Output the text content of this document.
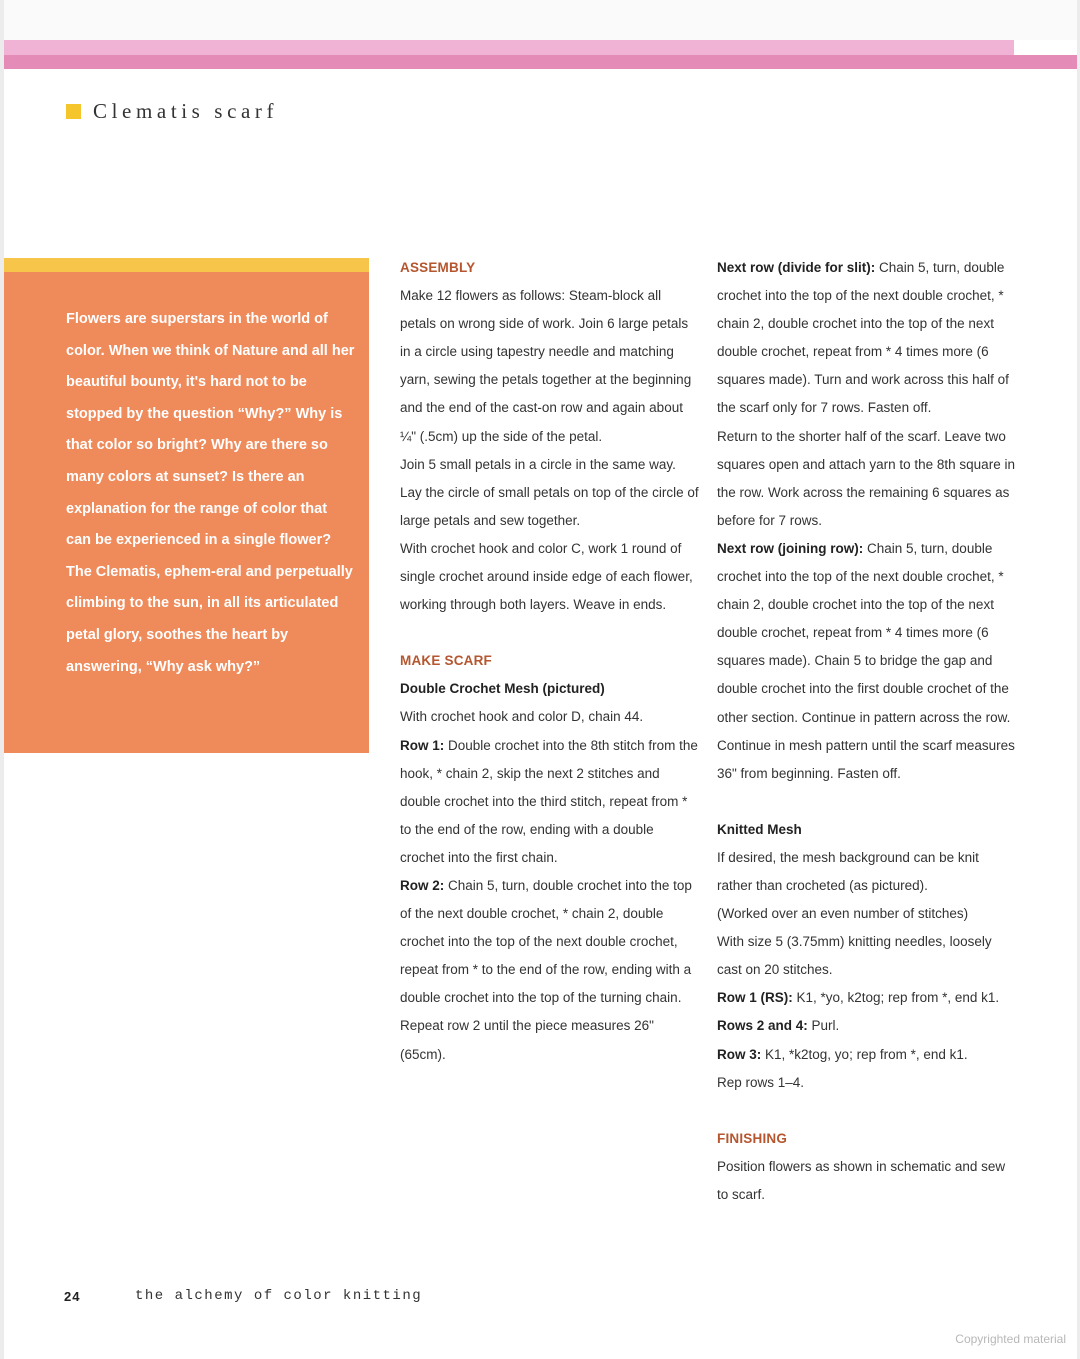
Clematis scarf
Flowers are superstars in the world of color. When we think of Nature and all her beautiful bounty, it's hard not to be stopped by the question “Why?” Why is that color so bright? Why are there so many colors at sunset? Is there an explanation for the range of color that can be experienced in a single flower? The Clematis, ephem-eral and perpetually climbing to the sun, in all its articulated petal glory, soothes the heart by answering, “Why ask why?”

ASSEMBLY

Make 12 flowers as follows: Steam-block all petals on wrong side of work. Join 6 large petals in a circle using tapestry needle and matching yarn, sewing the petals together at the beginning and the end of the cast-on row and again about ¼" (.5cm) up the side of the petal.

Join 5 small petals in a circle in the same way.

Lay the circle of small petals on top of the circle of large petals and sew together.

With crochet hook and color C, work 1 round of single crochet around inside edge of each flower, working through both layers. Weave in ends.

MAKE SCARF

Double Crochet Mesh (pictured)

With crochet hook and color D, chain 44.

Row 1: Double crochet into the 8th stitch from the hook, * chain 2, skip the next 2 stitches and double crochet into the third stitch, repeat from * to the end of the row, ending with a double crochet into the first chain.

Row 2: Chain 5, turn, double crochet into the top of the next double crochet, * chain 2, double crochet into the top of the next double crochet, repeat from * to the end of the row, ending with a double crochet into the top of the turning chain.

Repeat row 2 until the piece measures 26" (65cm).

Next row (divide for slit): Chain 5, turn, double crochet into the top of the next double crochet, * chain 2, double crochet into the top of the next double crochet, repeat from * 4 times more (6 squares made). Turn and work across this half of the scarf only for 7 rows. Fasten off.

Return to the shorter half of the scarf. Leave two squares open and attach yarn to the 8th square in the row. Work across the remaining 6 squares as before for 7 rows.

Next row (joining row): Chain 5, turn, double crochet into the top of the next double crochet, * chain 2, double crochet into the top of the next double crochet, repeat from * 4 times more (6 squares made). Chain 5 to bridge the gap and double crochet into the first double crochet of the other section. Continue in pattern across the row.

Continue in mesh pattern until the scarf measures 36" from beginning. Fasten off.

Knitted Mesh

If desired, the mesh background can be knit rather than crocheted (as pictured).

(Worked over an even number of stitches)

With size 5 (3.75mm) knitting needles, loosely cast on 20 stitches.

Row 1 (RS): K1, *yo, k2tog; rep from *, end k1.

Rows 2 and 4: Purl.

Row 3: K1, *k2tog, yo; rep from *, end k1.

Rep rows 1–4.

FINISHING

Position flowers as shown in schematic and sew to scarf.

24	the alchemy of color knitting
Copyrighted material
